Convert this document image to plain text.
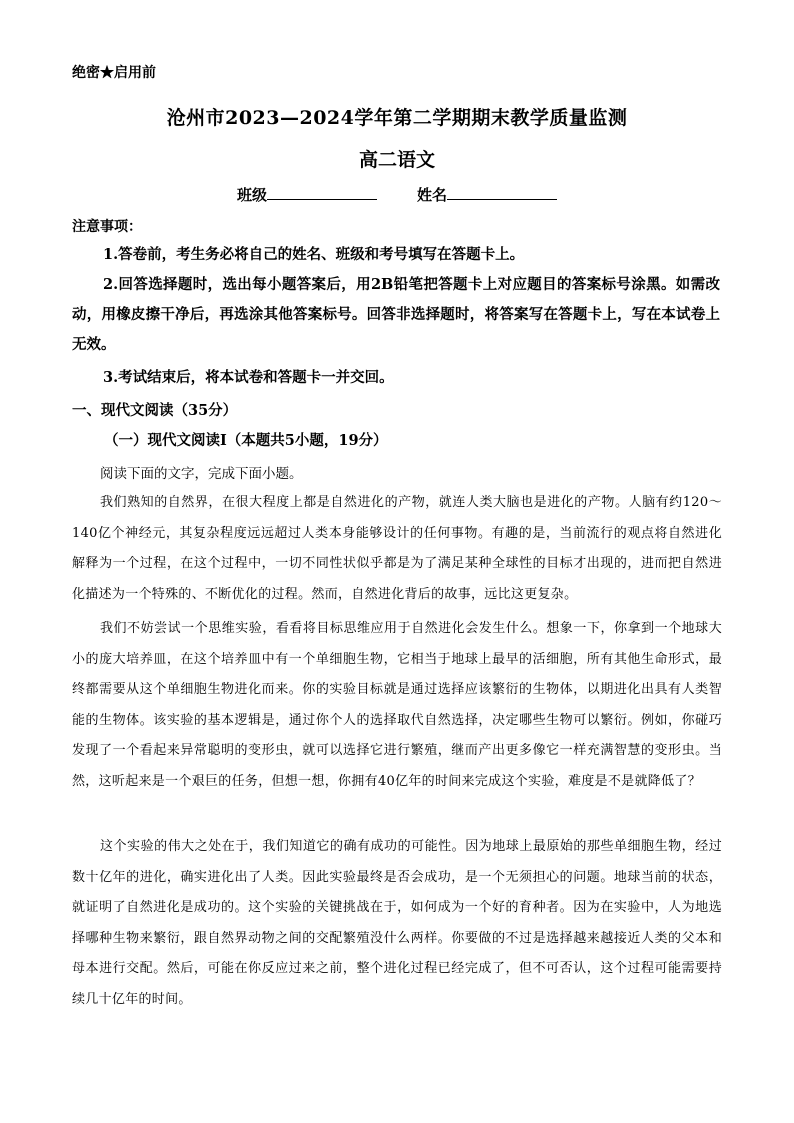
绝密★启用前
沧州市2023—2024学年第二学期期末教学质量监测
高二语文
班级	姓名
注意事项：
1.答卷前，考生务必将自己的姓名、班级和考号填写在答题卡上。
2.回答选择题时，选出每小题答案后，用2B铅笔把答题卡上对应题目的答案标号涂黑。如需改动，用橡皮擦干净后，再选涂其他答案标号。回答非选择题时，将答案写在答题卡上，写在本试卷上无效。
3.考试结束后，将本试卷和答题卡一并交回。
一、现代文阅读（35分）
（一）现代文阅读Ⅰ（本题共5小题，19分）
阅读下面的文字，完成下面小题。
我们熟知的自然界，在很大程度上都是自然进化的产物，就连人类大脑也是进化的产物。人脑有约120～140亿个神经元，其复杂程度远远超过人类本身能够设计的任何事物。有趣的是，当前流行的观点将自然进化解释为一个过程，在这个过程中，一切不同性状似乎都是为了满足某种全球性的目标才出现的，进而把自然进化描述为一个特殊的、不断优化的过程。然而，自然进化背后的故事，远比这更复杂。
我们不妨尝试一个思维实验，看看将目标思维应用于自然进化会发生什么。想象一下，你拿到一个地球大小的庞大培养皿，在这个培养皿中有一个单细胞生物，它相当于地球上最早的活细胞，所有其他生命形式，最终都需要从这个单细胞生物进化而来。你的实验目标就是通过选择应该繁衍的生物体，以期进化出具有人类智能的生物体。该实验的基本逻辑是，通过你个人的选择取代自然选择，决定哪些生物可以繁衍。例如，你碰巧发现了一个看起来异常聪明的变形虫，就可以选择它进行繁殖，继而产出更多像它一样充满智慧的变形虫。当然，这听起来是一个艰巨的任务，但想一想，你拥有40亿年的时间来完成这个实验，难度是不是就降低了？
这个实验的伟大之处在于，我们知道它的确有成功的可能性。因为地球上最原始的那些单细胞生物，经过数十亿年的进化，确实进化出了人类。因此实验最终是否会成功，是一个无须担心的问题。地球当前的状态，就证明了自然进化是成功的。这个实验的关键挑战在于，如何成为一个好的育种者。因为在实验中，人为地选择哪种生物来繁衍，跟自然界动物之间的交配繁殖没什么两样。你要做的不过是选择越来越接近人类的父本和母本进行交配。然后，可能在你反应过来之前，整个进化过程已经完成了，但不可否认，这个过程可能需要持续几十亿年的时间。
